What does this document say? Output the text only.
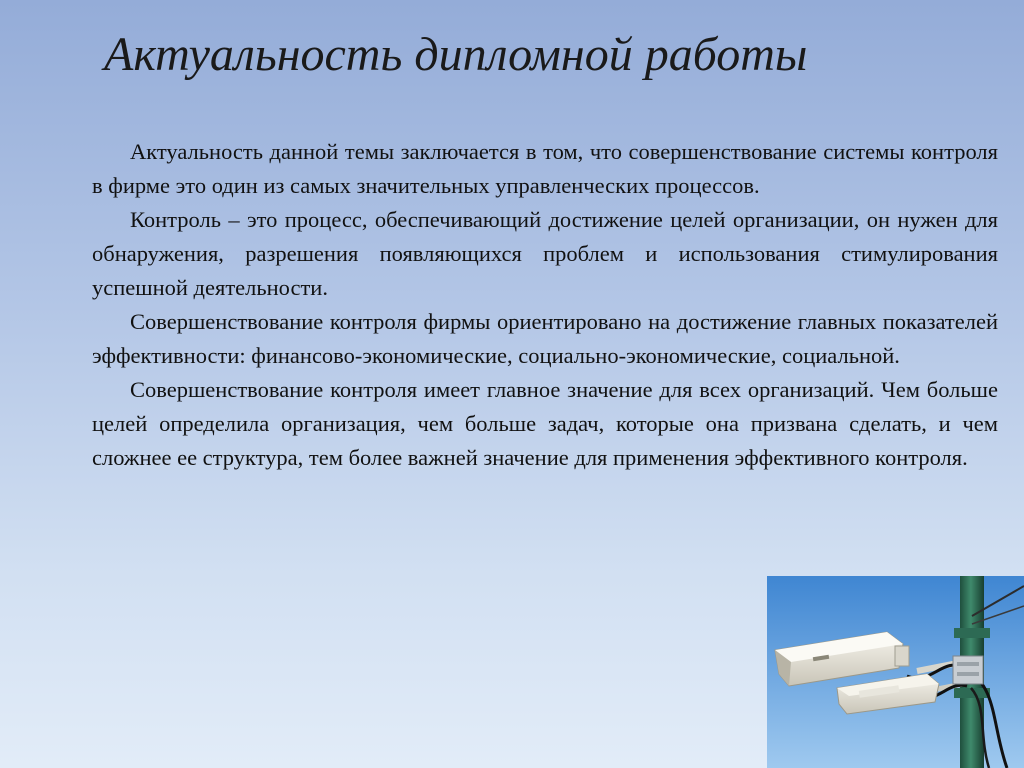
Актуальность дипломной работы

Актуальность данной темы заключается в том, что совершенствование системы контроля в фирме это один из самых значительных управленческих процессов.

Контроль – это процесс, обеспечивающий достижение целей организации, он нужен для обнаружения, разрешения появляющихся проблем и использования стимулирования успешной деятельности.

Совершенствование контроля фирмы ориентировано на достижение главных показателей эффективности: финансово-экономические, социально-экономические, социальной.

Совершенствование контроля имеет главное значение для всех организаций. Чем больше целей определила организация, чем больше задач, которые она призвана сделать, и чем сложнее ее структура, тем более важней значение для применения эффективного контроля.
